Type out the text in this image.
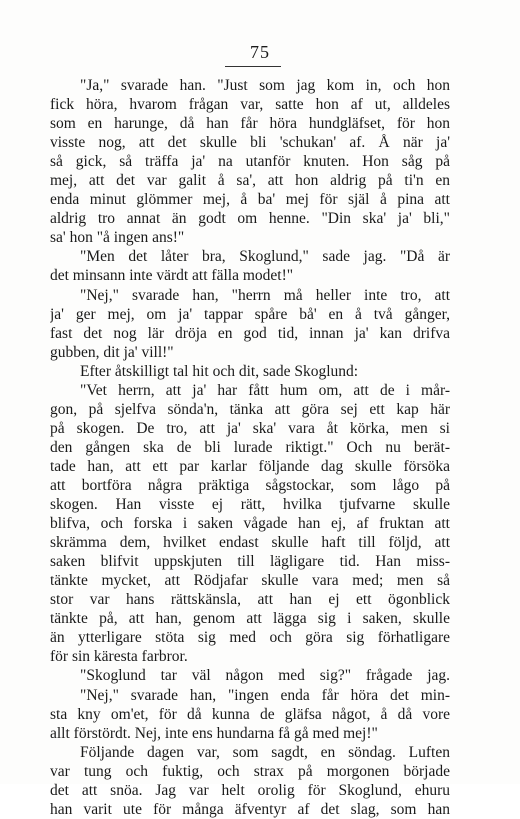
75
"Ja," svarade han. "Just som jag kom in, och hon
fick höra, hvarom frågan var, satte hon af ut, alldeles
som en harunge, då han får höra hundgläfset, för hon
visste nog, att det skulle bli 'schukan' af. Å när ja'
så gick, så träffa ja' na utanför knuten. Hon såg på
mej, att det var galit å sa', att hon aldrig på ti'n en
enda minut glömmer mej, å ba' mej för själ å pina att
aldrig tro annat än godt om henne. "Din ska' ja' bli,"
sa' hon "å ingen ans!"
"Men det låter bra, Skoglund," sade jag. "Då är
det minsann inte värdt att fälla modet!"
"Nej," svarade han, "herrn må heller inte tro, att
ja' ger mej, om ja' tappar spåre bå' en å två gånger,
fast det nog lär dröja en god tid, innan ja' kan drifva
gubben, dit ja' vill!"
Efter åtskilligt tal hit och dit, sade Skoglund:
"Vet herrn, att ja' har fått hum om, att de i mår-
gon, på sjelfva sönda'n, tänka att göra sej ett kap här
på skogen. De tro, att ja' ska' vara åt körka, men si
den gången ska de bli lurade riktigt." Och nu berät-
tade han, att ett par karlar följande dag skulle försöka
att bortföra några präktiga sågstockar, som lågo på
skogen. Han visste ej rätt, hvilka tjufvarne skulle
blifva, och forska i saken vågade han ej, af fruktan att
skrämma dem, hvilket endast skulle haft till följd, att
saken blifvit uppskjuten till lägligare tid. Han miss-
tänkte mycket, att Rödjafar skulle vara med; men så
stor var hans rättskänsla, att han ej ett ögonblick
tänkte på, att han, genom att lägga sig i saken, skulle
än ytterligare stöta sig med och göra sig förhatligare
för sin käresta farbror.
"Skoglund tar väl någon med sig?" frågade jag.
"Nej," svarade han, "ingen enda får höra det min-
sta kny om'et, för då kunna de gläfsa något, å då vore
allt förstördt. Nej, inte ens hundarna få gå med mej!"
Följande dagen var, som sagdt, en söndag. Luften
var tung och fuktig, och strax på morgonen började
det att snöa. Jag var helt orolig för Skoglund, ehuru
han varit ute för många äfventyr af det slag, som han
